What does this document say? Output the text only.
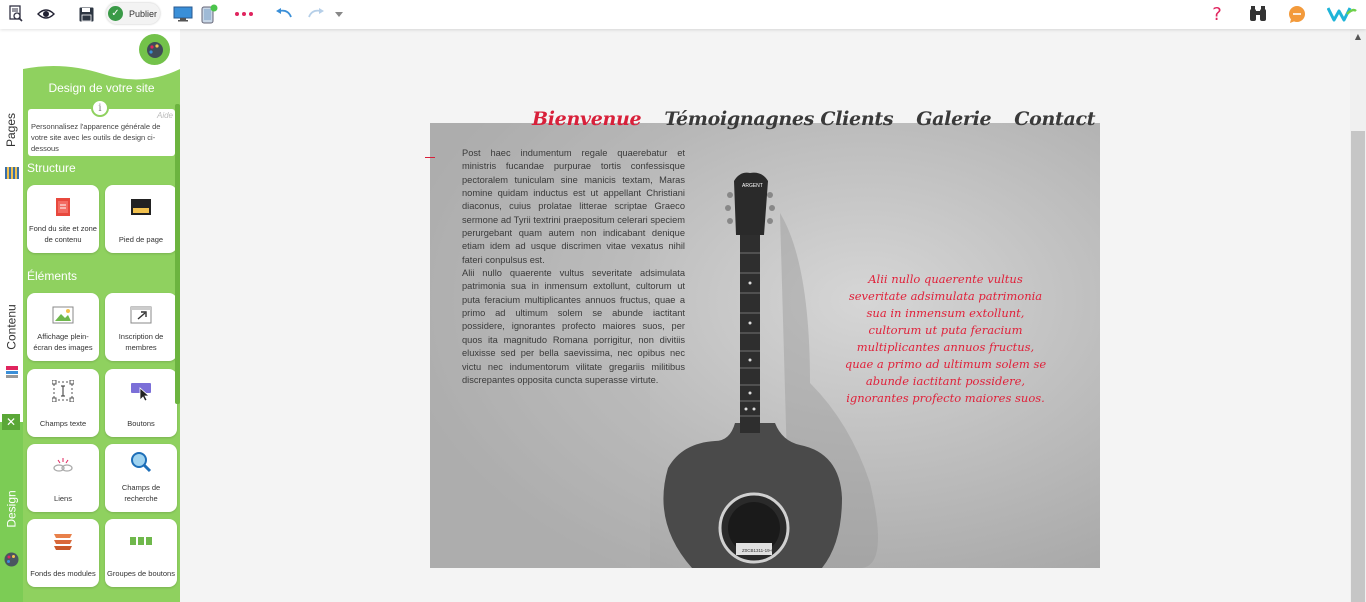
✓	Publier	?
Pages
Contenu
Design
Design de votre site
i
Personnalisez l'apparence générale de votre site avec les outils de design ci-dessous
Aide
Structure
Fond du site et zone de contenu	Pied de page
Éléments
Affichage plein-écran des images
Inscription de membres
Champs texte	Boutons
Liens
Champs de recherche
Fonds des modules Groupes de boutons
✕
ARGENT
Z0CB1311-19-ve

Post haec indumentum regale quaerebatur et ministris fucandae purpurae tortis confessisque pectoralem tuniculam sine manicis textam, Maras nomine quidam inductus est ut appellant Christiani diaconus, cuius prolatae litterae scriptae Graeco sermone ad Tyrii textrini praepositum celerari speciem perurgebant quam autem non indicabant denique etiam idem ad usque discrimen vitae vexatus nihil fateri conpulsus est.

Alii nullo quaerente vultus severitate adsimulata patrimonia sua in inmensum extollunt, cultorum ut puta feracium multiplicantes annuos fructus, quae a primo ad ultimum solem se abunde iactitant possidere, ignorantes profecto maiores suos, per quos ita magnitudo Romana porrigitur, non divitiis eluxisse sed per bella saevissima, nec opibus nec victu nec indumentorum vilitate gregariis militibus discrepantes opposita cuncta superasse virtute.

Alii nullo quaerente vultus severitate adsimulata patrimonia sua in inmensum extollunt, cultorum ut puta feracium multiplicantes annuos fructus, quae a primo ad ultimum solem se abunde iactitant possidere, ignorantes profecto maiores suos.
Bienvenue Témoignagnes Clients Galerie Contact
▲
